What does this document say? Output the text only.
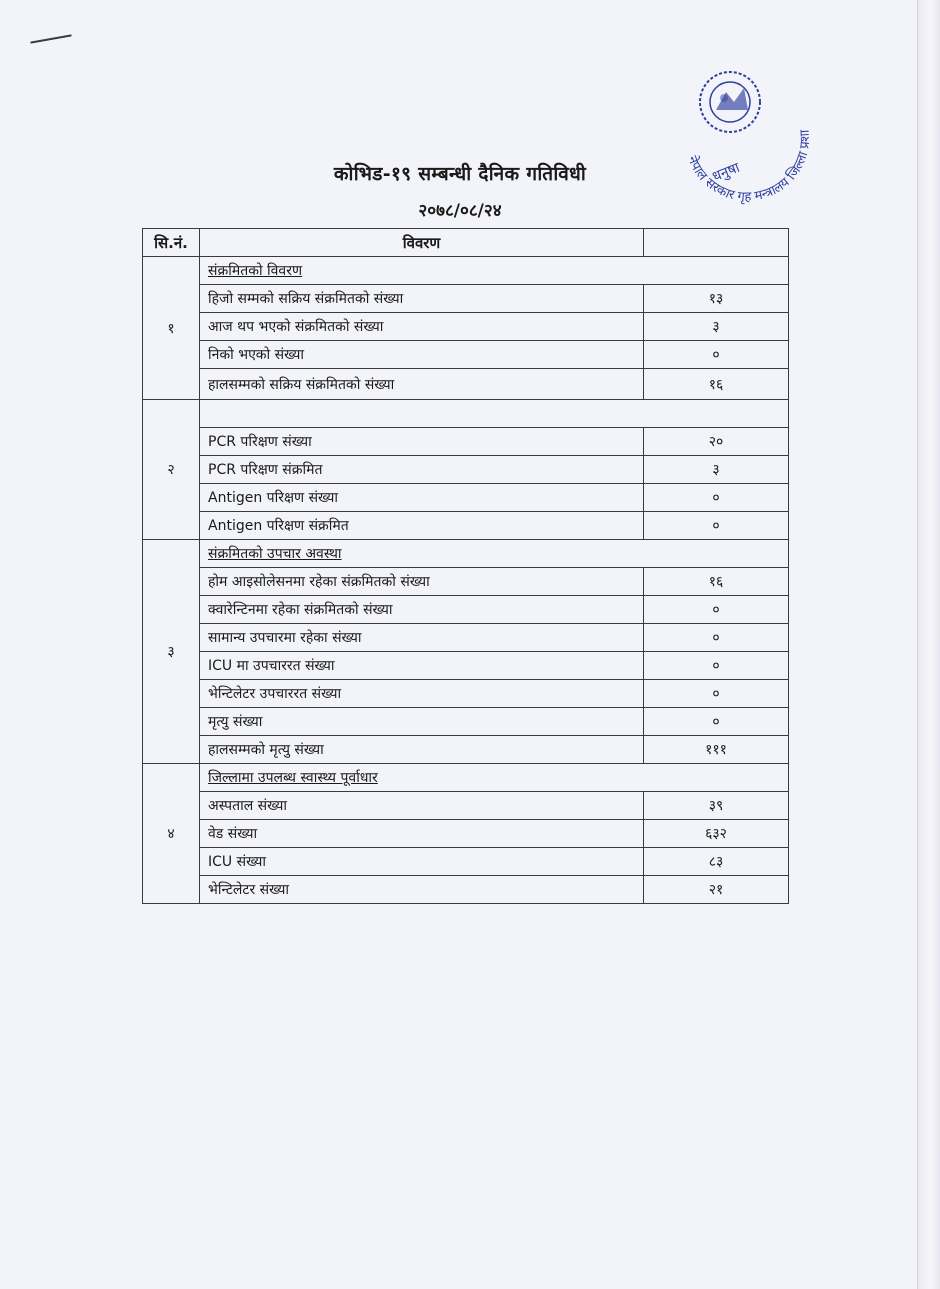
नेपाल सरकार गृह मन्त्रालय जिल्ला प्रशा
धनुषा
कोभिड-१९ सम्बन्धी दैनिक गतिविधी
२०७८/०८/२४
सि.नं.	विवरण	
१	संक्रमितको विवरण	
	हिजो सम्मको सक्रिय संक्रमितको संख्या	१३
	आज थप भएको संक्रमितको संख्या	३
	निको भएको संख्या	०
	हालसम्मको सक्रिय संक्रमितको संख्या	१६
२		
	PCR परिक्षण संख्या	२०
	PCR परिक्षण संक्रमित	३
	Antigen परिक्षण संख्या	०
	Antigen परिक्षण संक्रमित	०
३	संक्रमितको उपचार अवस्था	
	होम आइसोलेसनमा रहेका संक्रमितको संख्या	१६
	क्वारेन्टिनमा रहेका संक्रमितको संख्या	०
	सामान्य उपचारमा रहेका संख्या	०
	ICU मा उपचाररत संख्या	०
	भेन्टिलेटर उपचाररत संख्या	०
	मृत्यु संख्या	०
	हालसम्मको मृत्यु संख्या	१११
४	जिल्लामा उपलब्ध स्वास्थ्य पूर्वाधार	
	अस्पताल संख्या	३९
	वेड संख्या	६३२
	ICU संख्या	८३
	भेन्टिलेटर संख्या	२१
